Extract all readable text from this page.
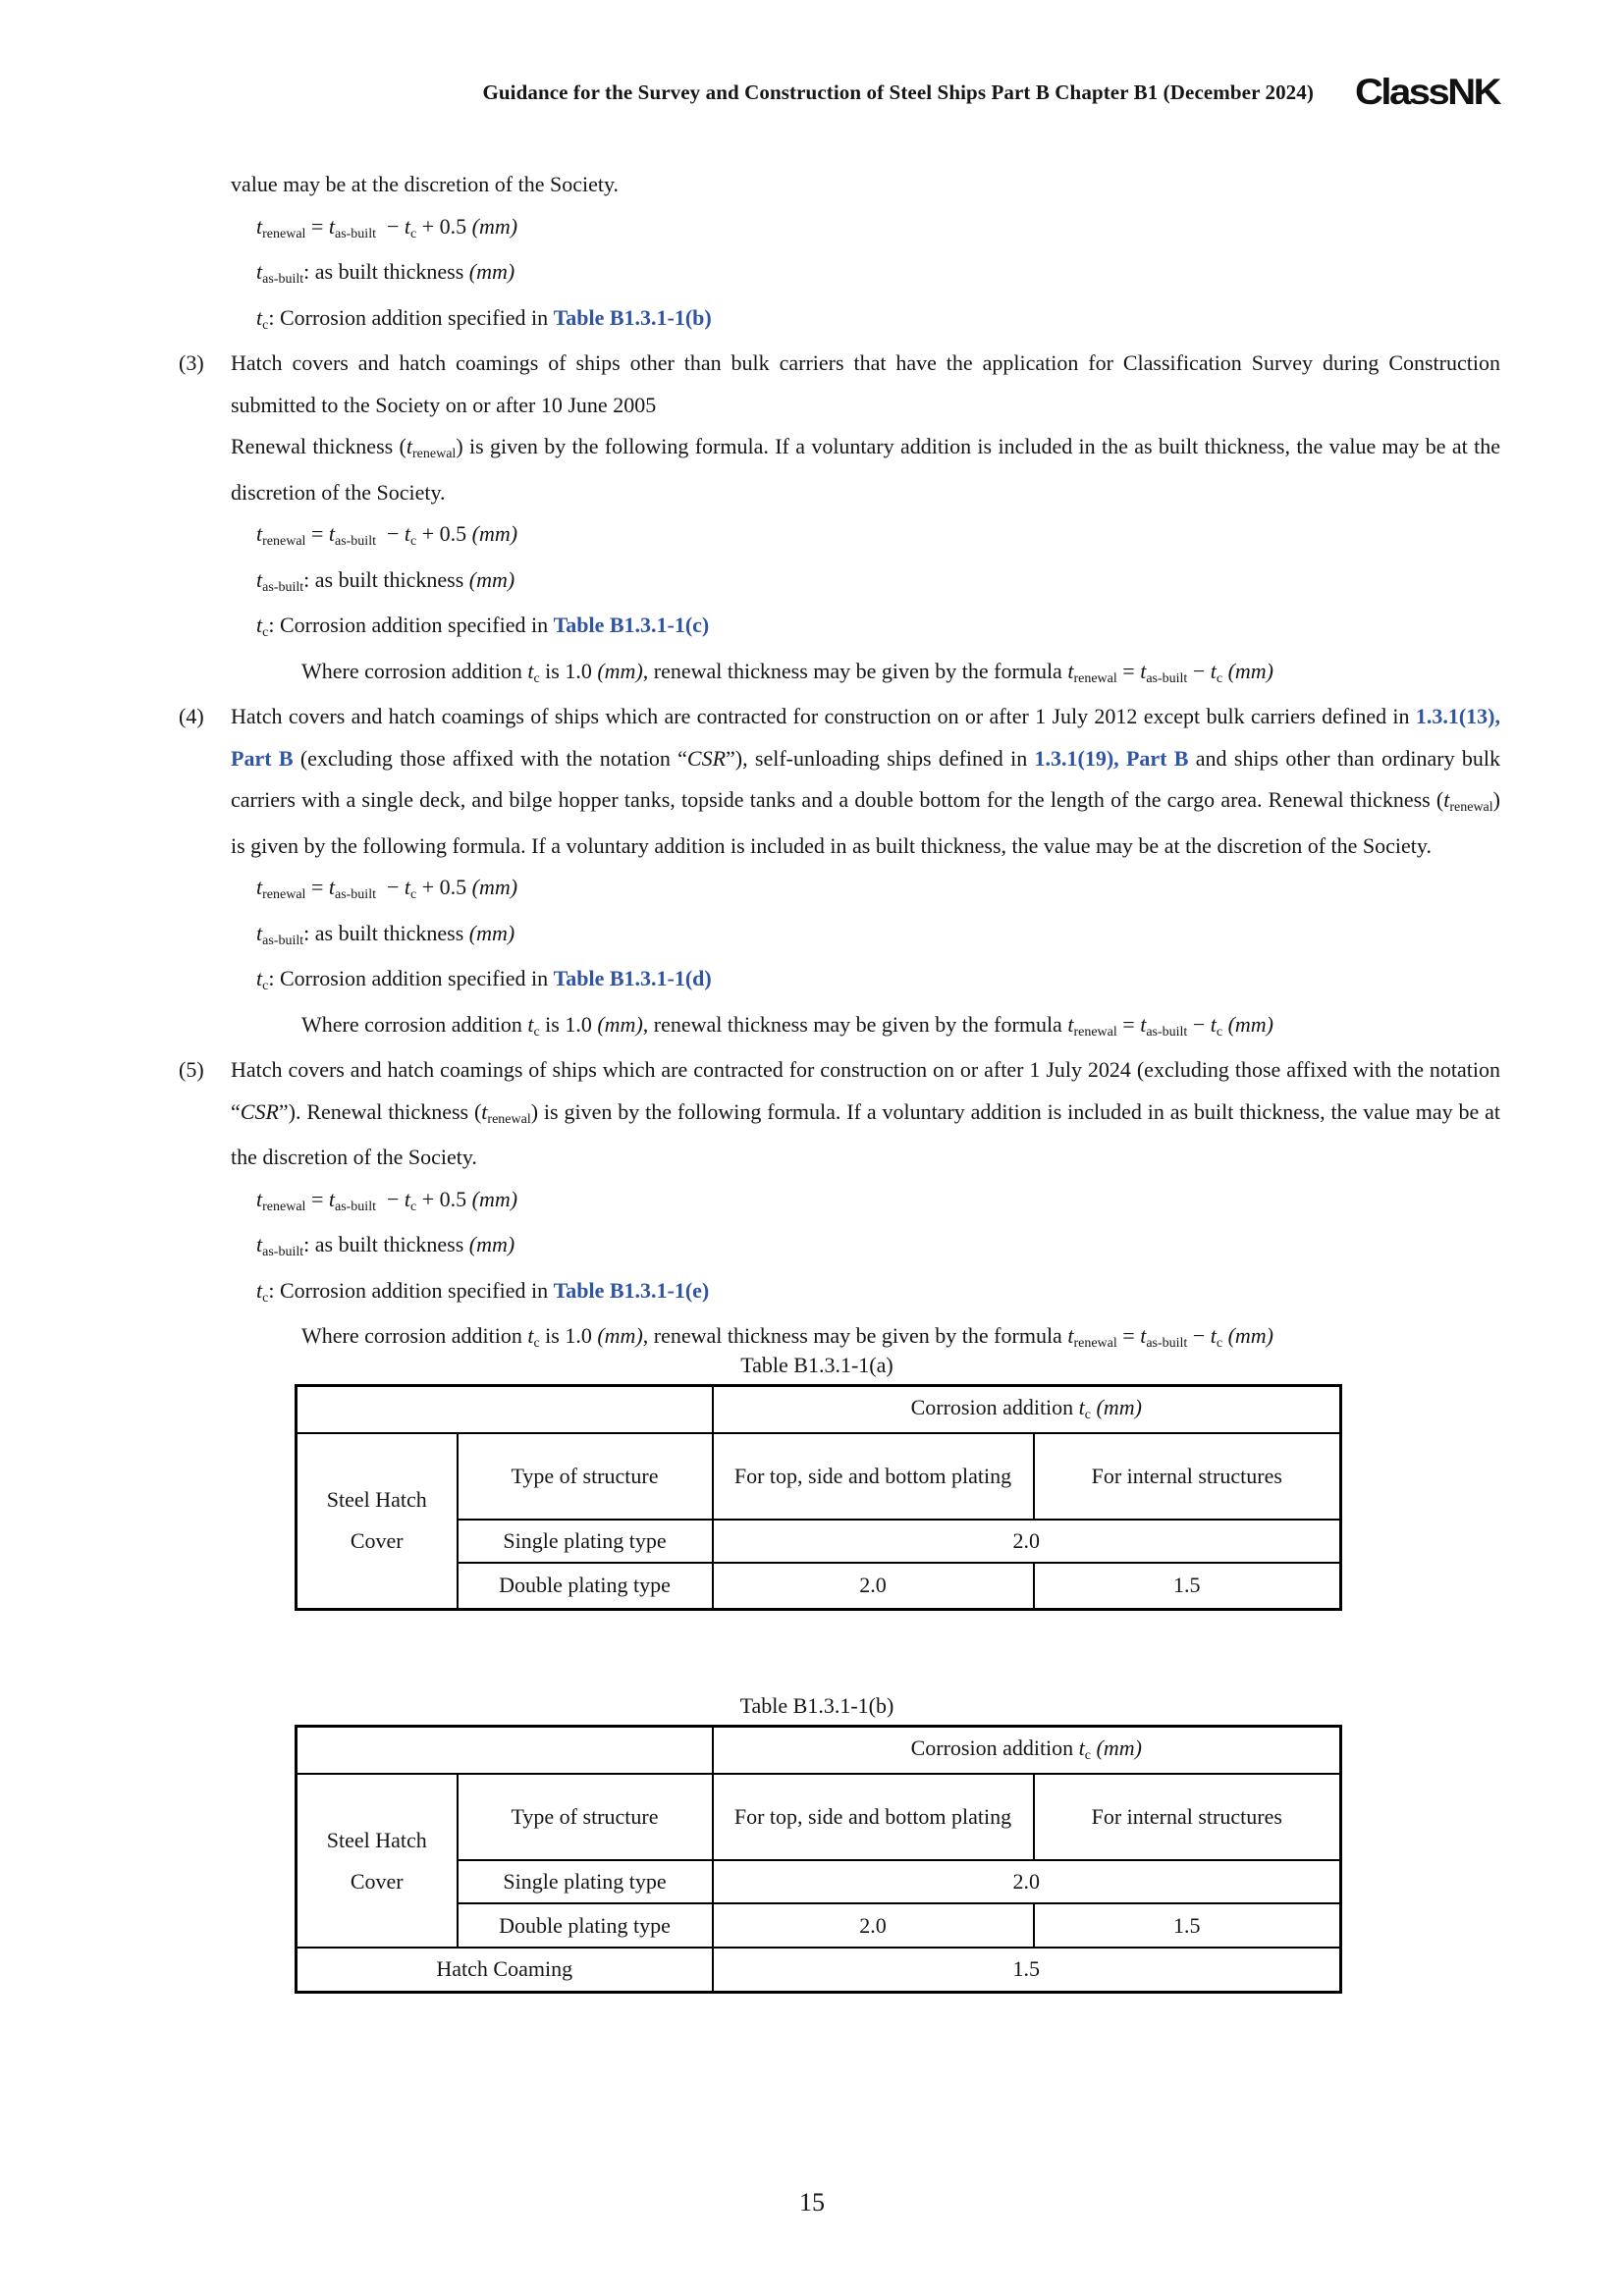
Guidance for the Survey and Construction of Steel Ships Part B Chapter B1 (December 2024) ClassNK
value may be at the discretion of the Society.
trenewal = tas-built  − tc + 0.5 (mm)
tas-built: as built thickness (mm)
tc: Corrosion addition specified in Table B1.3.1-1(b)
(3) Hatch covers and hatch coamings of ships other than bulk carriers that have the application for Classification Survey during Construction submitted to the Society on or after 10 June 2005
Renewal thickness (trenewal) is given by the following formula. If a voluntary addition is included in the as built thickness, the value may be at the discretion of the Society.
trenewal = tas-built  − tc + 0.5 (mm)
tas-built: as built thickness (mm)
tc: Corrosion addition specified in Table B1.3.1-1(c)
Where corrosion addition tc is 1.0 (mm), renewal thickness may be given by the formula trenewal = tas-built − tc (mm)
(4) Hatch covers and hatch coamings of ships which are contracted for construction on or after 1 July 2012 except bulk carriers defined in 1.3.1(13), Part B (excluding those affixed with the notation “CSR”), self-unloading ships defined in 1.3.1(19), Part B and ships other than ordinary bulk carriers with a single deck, and bilge hopper tanks, topside tanks and a double bottom for the length of the cargo area. Renewal thickness (trenewal) is given by the following formula. If a voluntary addition is included in as built thickness, the value may be at the discretion of the Society.
trenewal = tas-built  − tc + 0.5 (mm)
tas-built: as built thickness (mm)
tc: Corrosion addition specified in Table B1.3.1-1(d)
Where corrosion addition tc is 1.0 (mm), renewal thickness may be given by the formula trenewal = tas-built − tc (mm)
(5) Hatch covers and hatch coamings of ships which are contracted for construction on or after 1 July 2024 (excluding those affixed with the notation “CSR”). Renewal thickness (trenewal) is given by the following formula. If a voluntary addition is included in as built thickness, the value may be at the discretion of the Society.
trenewal = tas-built  − tc + 0.5 (mm)
tas-built: as built thickness (mm)
tc: Corrosion addition specified in Table B1.3.1-1(e)
Where corrosion addition tc is 1.0 (mm), renewal thickness may be given by the formula trenewal = tas-built − tc (mm)
Table B1.3.1-1(a)
		Corrosion addition tc (mm)	
Steel Hatch Cover	Type of structure	For top, side and bottom plating	For internal structures
	Single plating type	2.0	
	Double plating type	2.0	1.5
Table B1.3.1-1(b)
		Corrosion addition tc (mm)	
Steel Hatch Cover	Type of structure	For top, side and bottom plating	For internal structures
	Single plating type	2.0	
	Double plating type	2.0	1.5
Hatch Coaming		1.5	
15
